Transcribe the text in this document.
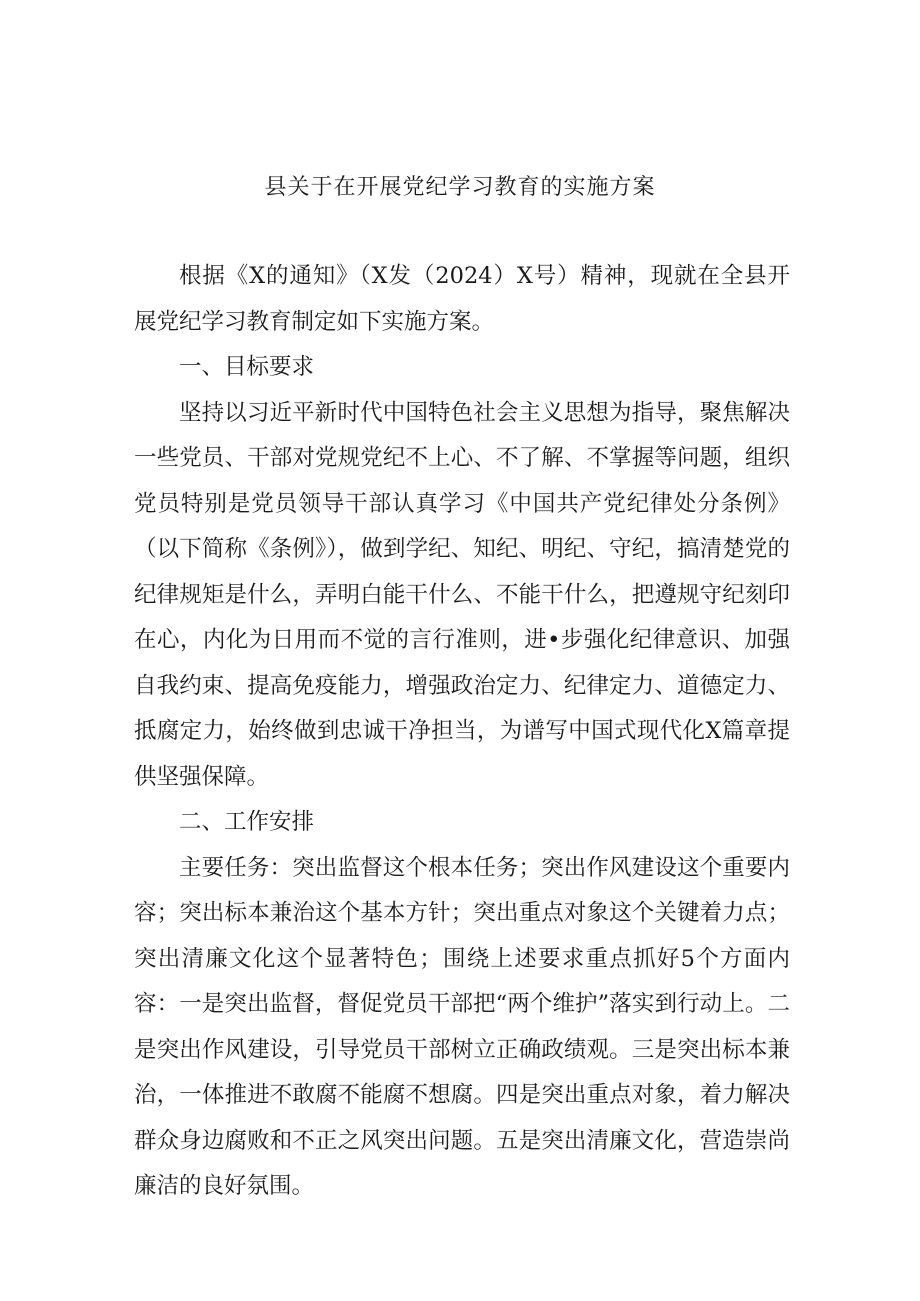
县关于在开展党纪学习教育的实施方案

根据《X的通知》（X发（2024）X号）精神，现就在全县开展党纪学习教育制定如下实施方案。

一、目标要求

坚持以习近平新时代中国特色社会主义思想为指导，聚焦解决一些党员、干部对党规党纪不上心、不了解、不掌握等问题，组织党员特别是党员领导干部认真学习《中国共产党纪律处分条例》（以下简称《条例》），做到学纪、知纪、明纪、守纪，搞清楚党的纪律规矩是什么，弄明白能干什么、不能干什么，把遵规守纪刻印在心，内化为日用而不觉的言行准则，进•步强化纪律意识、加强自我约束、提高免疫能力，增强政治定力、纪律定力、道德定力、抵腐定力，始终做到忠诚干净担当，为谱写中国式现代化X篇章提供坚强保障。

二、工作安排

主要任务：突出监督这个根本任务；突出作风建设这个重要内容；突出标本兼治这个基本方针；突出重点对象这个关键着力点；突出清廉文化这个显著特色；围绕上述要求重点抓好5个方面内容：一是突出监督，督促党员干部把“两个维护”落实到行动上。二是突出作风建设，引导党员干部树立正确政绩观。三是突出标本兼治，一体推进不敢腐不能腐不想腐。四是突出重点对象，着力解决群众身边腐败和不正之风突出问题。五是突出清廉文化，营造崇尚廉洁的良好氛围。
